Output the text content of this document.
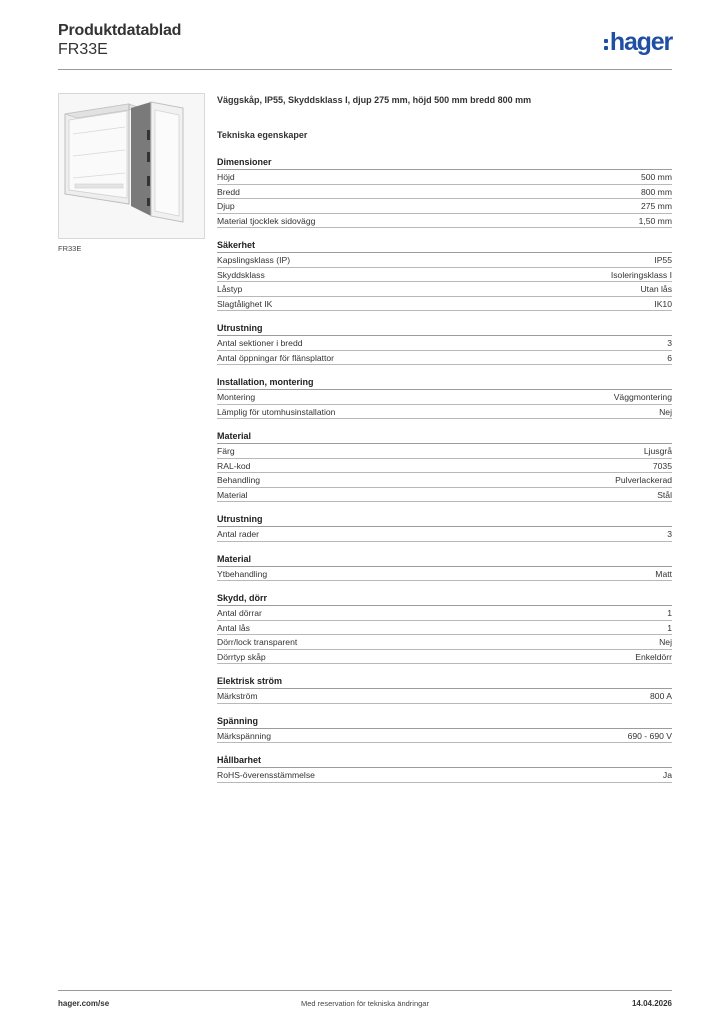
Produktdatablad
FR33E	hager
FR33E
Väggskåp, IP55, Skyddsklass I, djup 275 mm, höjd 500 mm bredd 800 mm
Tekniska egenskaper
Dimensioner
Höjd	500 mm
Bredd	800 mm
Djup	275 mm
Material tjocklek sidovägg	1,50 mm
Säkerhet
Kapslingsklass (IP)	IP55
Skyddsklass	Isoleringsklass I
Låstyp	Utan lås
Slagtålighet IK	IK10
Utrustning
Antal sektioner i bredd	3
Antal öppningar för flänsplattor	6
Installation, montering
Montering	Väggmontering
Lämplig för utomhusinstallation	Nej
Material
Färg	Ljusgrå
RAL-kod	7035
Behandling	Pulverlackerad
Material	Stål
Utrustning
Antal rader	3
Material
Ytbehandling	Matt
Skydd, dörr
Antal dörrar	1
Antal lås	1
Dörr/lock transparent	Nej
Dörrtyp skåp	Enkeldörr
Elektrisk ström
Märkström	800 A
Spänning
Märkspänning	690 - 690 V
Hållbarhet
RoHS-överensstämmelse	Ja
hager.com/se	Med reservation för tekniska ändringar	14.04.2026
